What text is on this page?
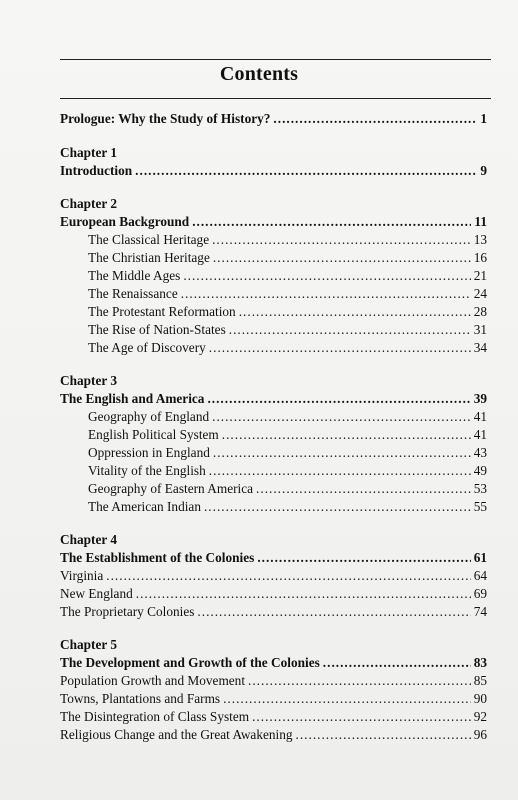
Contents
Prologue: Why the Study of History? .....	1
Chapter 1
Introduction .....	9
Chapter 2
European Background .....	11
The Classical Heritage .....	13
The Christian Heritage .....	16
The Middle Ages .....	21
The Renaissance .....	24
The Protestant Reformation .....	28
The Rise of Nation-States .....	31
The Age of Discovery .....	34
Chapter 3
The English and America .....	39
Geography of England .....	41
English Political System .....	41
Oppression in England .....	43
Vitality of the English .....	49
Geography of Eastern America .....	53
The American Indian .....	55
Chapter 4
The Establishment of the Colonies .....	61
Virginia .....	64
New England .....	69
The Proprietary Colonies .....	74
Chapter 5
The Development and Growth of the Colonies .....	83
Population Growth and Movement .....	85
Towns, Plantations and Farms .....	90
The Disintegration of Class System .....	92
Religious Change and the Great Awakening .....	96
